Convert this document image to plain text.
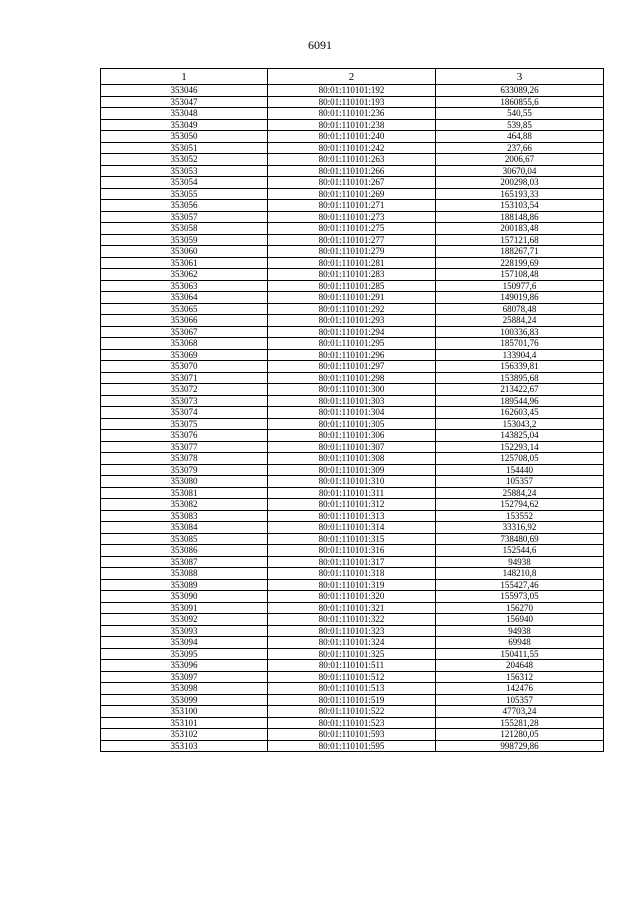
6091
1	2	3
353046	80:01:110101:192	633089,26
353047	80:01:110101:193	1860855,6
353048	80:01:110101:236	540,55
353049	80:01:110101:238	539,85
353050	80:01:110101:240	464,88
353051	80:01:110101:242	237,66
353052	80:01:110101:263	2006,67
353053	80:01:110101:266	30670,04
353054	80:01:110101:267	200298,03
353055	80:01:110101:269	165193,33
353056	80:01:110101:271	153103,54
353057	80:01:110101:273	188148,86
353058	80:01:110101:275	200183,48
353059	80:01:110101:277	157121,68
353060	80:01:110101:279	188267,71
353061	80:01:110101:281	228199,69
353062	80:01:110101:283	157108,48
353063	80:01:110101:285	150977,6
353064	80:01:110101:291	149019,86
353065	80:01:110101:292	68078,48
353066	80:01:110101:293	25884,24
353067	80:01:110101:294	100336,83
353068	80:01:110101:295	185701,76
353069	80:01:110101:296	133904,4
353070	80:01:110101:297	156339,81
353071	80:01:110101:298	153895,68
353072	80:01:110101:300	213422,67
353073	80:01:110101:303	189544,96
353074	80:01:110101:304	162603,45
353075	80:01:110101:305	153043,2
353076	80:01:110101:306	143825,04
353077	80:01:110101:307	152293,14
353078	80:01:110101:308	125708,05
353079	80:01:110101:309	154440
353080	80:01:110101:310	105357
353081	80:01:110101:311	25884,24
353082	80:01:110101:312	152794,62
353083	80:01:110101:313	153552
353084	80:01:110101:314	33316,92
353085	80:01:110101:315	738480,69
353086	80:01:110101:316	152544,6
353087	80:01:110101:317	94938
353088	80:01:110101:318	148210,8
353089	80:01:110101:319	155427,46
353090	80:01:110101:320	155973,05
353091	80:01:110101:321	156270
353092	80:01:110101:322	156940
353093	80:01:110101:323	94938
353094	80:01:110101:324	69948
353095	80:01:110101:325	150411,55
353096	80:01:110101:511	204648
353097	80:01:110101:512	156312
353098	80:01:110101:513	142476
353099	80:01:110101:519	105357
353100	80:01:110101:522	47703,24
353101	80:01:110101:523	155281,28
353102	80:01:110101:593	121280,05
353103	80:01:110101:595	998729,86
